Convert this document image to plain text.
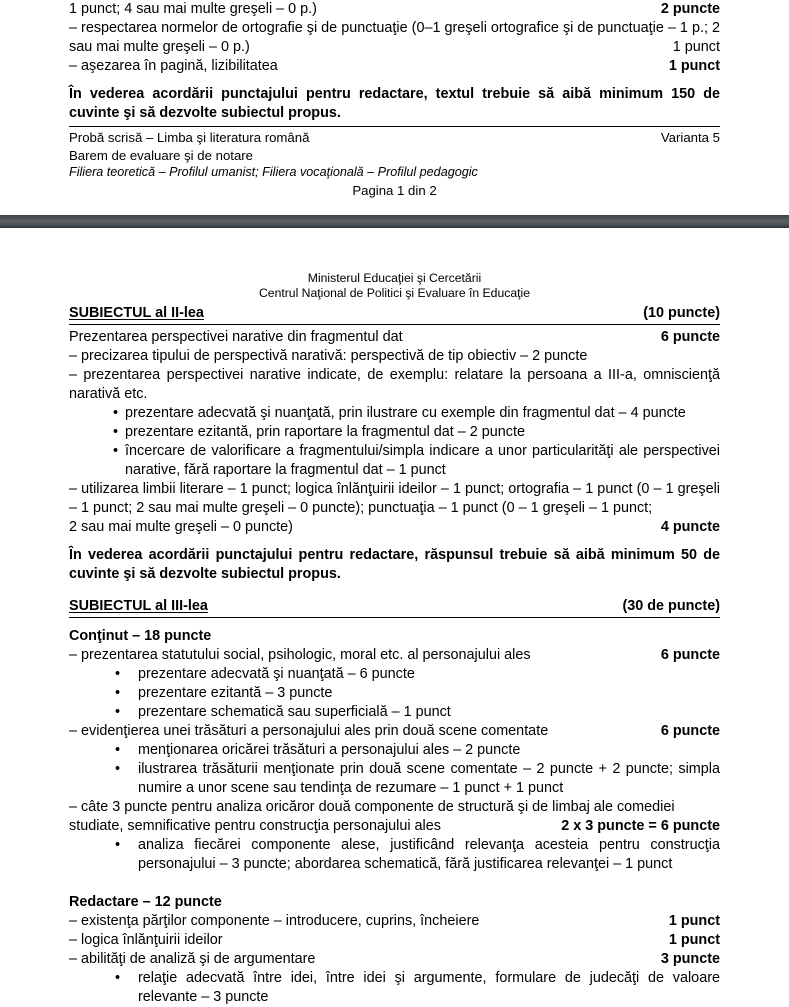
1 punct; 4 sau mai multe greşeli – 0 p.)	2 puncte
– respectarea normelor de ortografie şi de punctuaţie (0–1 greşeli ortografice şi de punctuaţie – 1 p.; 2 sau mai multe greşeli – 0 p.)	1 punct
– aşezarea în pagină, lizibilitatea	1 punct
În vederea acordării punctajului pentru redactare, textul trebuie să aibă minimum 150 de cuvinte şi să dezvolte subiectul propus.
Probă scrisă – Limba şi literatura română	Varianta 5
Barem de evaluare şi de notare
Filiera teoretică – Profilul umanist; Filiera vocaţională – Profilul pedagogic
Pagina 1 din 2
Ministerul Educaţiei şi Cercetării
Centrul Naţional de Politici şi Evaluare în Educaţie
SUBIECTUL al II-lea	(10 puncte)
Prezentarea perspectivei narative din fragmentul dat	6 puncte
– precizarea tipului de perspectivă narativă: perspectivă de tip obiectiv – 2 puncte
– prezentarea perspectivei narative indicate, de exemplu: relatare la persoana a III-a, omniscienţă narativă etc.
• prezentare adecvată şi nuanţată, prin ilustrare cu exemple din fragmentul dat – 4 puncte
• prezentare ezitantă, prin raportare la fragmentul dat – 2 puncte
• încercare de valorificare a fragmentului/simpla indicare a unor particularităţi ale perspectivei narative, fără raportare la fragmentul dat – 1 punct
– utilizarea limbii literare – 1 punct; logica înlănţuirii ideilor – 1 punct; ortografia – 1 punct (0 – 1 greşeli – 1 punct; 2 sau mai multe greşeli – 0 puncte); punctuaţia – 1 punct (0 – 1 greşeli – 1 punct;
2 sau mai multe greşeli – 0 puncte)	4 puncte
În vederea acordării punctajului pentru redactare, răspunsul trebuie să aibă minimum 50 de cuvinte şi să dezvolte subiectul propus.
SUBIECTUL al III-lea	(30 de puncte)
Conţinut – 18 puncte
– prezentarea statutului social, psihologic, moral etc. al personajului ales	6 puncte
• prezentare adecvată şi nuanţată – 6 puncte
• prezentare ezitantă – 3 puncte
• prezentare schematică sau superficială – 1 punct
– evidenţierea unei trăsături a personajului ales prin două scene comentate	6 puncte
• menţionarea oricărei trăsături a personajului ales – 2 puncte
• ilustrarea trăsăturii menţionate prin două scene comentate – 2 puncte + 2 puncte; simpla numire a unor scene sau tendinţa de rezumare – 1 punct + 1 punct
– câte 3 puncte pentru analiza oricăror două componente de structură şi de limbaj ale comediei
studiate, semnificative pentru construcţia personajului ales	2 x 3 puncte = 6 puncte
• analiza fiecărei componente alese, justificând relevanţa acesteia pentru construcţia personajului – 3 puncte; abordarea schematică, fără justificarea relevanţei – 1 punct
Redactare – 12 puncte
– existenţa părţilor componente – introducere, cuprins, încheiere	1 punct
– logica înlănţuirii ideilor	1 punct
– abilităţi de analiză şi de argumentare	3 puncte
• relaţie adecvată între idei, între idei şi argumente, formulare de judecăţi de valoare relevante – 3 puncte
